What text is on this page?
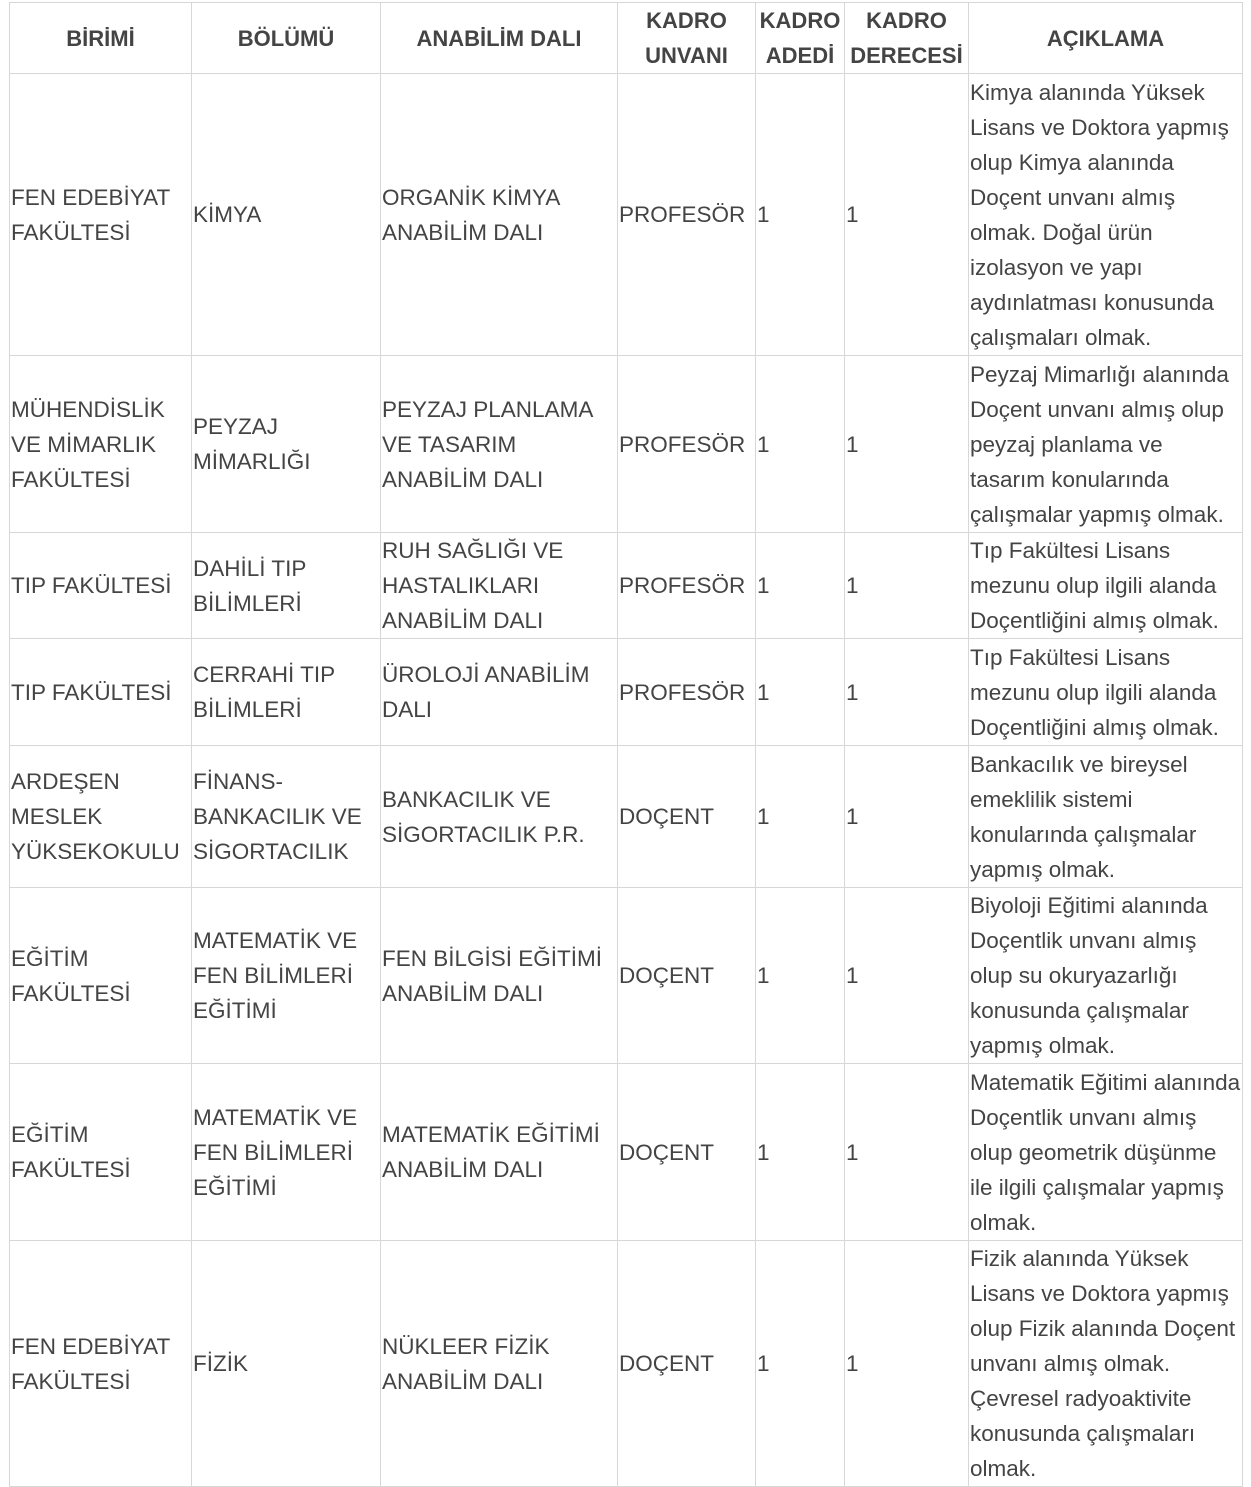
BİRİMİ	BÖLÜMÜ	ANABİLİM DALI	KADRO UNVANI	KADRO ADEDİ	KADRO DERECESİ	AÇIKLAMA
FEN EDEBİYAT FAKÜLTESİ	KİMYA	ORGANİK KİMYA ANABİLİM DALI	PROFESÖR	1	1	Kimya alanında Yüksek Lisans ve Doktora yapmış olup Kimya alanında Doçent unvanı almış olmak. Doğal ürün izolasyon ve yapı aydınlatması konusunda çalışmaları olmak.
MÜHENDİSLİK VE MİMARLIK FAKÜLTESİ	PEYZAJ MİMARLIĞI	PEYZAJ PLANLAMA VE TASARIM ANABİLİM DALI	PROFESÖR	1	1	Peyzaj Mimarlığı alanında Doçent unvanı almış olup peyzaj planlama ve tasarım konularında çalışmalar yapmış olmak.
TIP FAKÜLTESİ	DAHİLİ TIP BİLİMLERİ	RUH SAĞLIĞI VE HASTALIKLARI ANABİLİM DALI	PROFESÖR	1	1	Tıp Fakültesi Lisans mezunu olup ilgili alanda Doçentliğini almış olmak.
TIP FAKÜLTESİ	CERRAHİ TIP BİLİMLERİ	ÜROLOJİ ANABİLİM DALI	PROFESÖR	1	1	Tıp Fakültesi Lisans mezunu olup ilgili alanda Doçentliğini almış olmak.
ARDEŞEN MESLEK YÜKSEKOKULU	FİNANS-BANKACILIK VE SİGORTACILIK	BANKACILIK VE SİGORTACILIK P.R.	DOÇENT	1	1	Bankacılık ve bireysel emeklilik sistemi konularında çalışmalar yapmış olmak.
EĞİTİM FAKÜLTESİ	MATEMATİK VE FEN BİLİMLERİ EĞİTİMİ	FEN BİLGİSİ EĞİTİMİ ANABİLİM DALI	DOÇENT	1	1	Biyoloji Eğitimi alanında Doçentlik unvanı almış olup su okuryazarlığı konusunda çalışmalar yapmış olmak.
EĞİTİM FAKÜLTESİ	MATEMATİK VE FEN BİLİMLERİ EĞİTİMİ	MATEMATİK EĞİTİMİ ANABİLİM DALI	DOÇENT	1	1	Matematik Eğitimi alanında Doçentlik unvanı almış olup geometrik düşünme ile ilgili çalışmalar yapmış olmak.
FEN EDEBİYAT FAKÜLTESİ	FİZİK	NÜKLEER FİZİK ANABİLİM DALI	DOÇENT	1	1	Fizik alanında Yüksek Lisans ve Doktora yapmış olup Fizik alanında Doçent unvanı almış olmak. Çevresel radyoaktivite konusunda çalışmaları olmak.
